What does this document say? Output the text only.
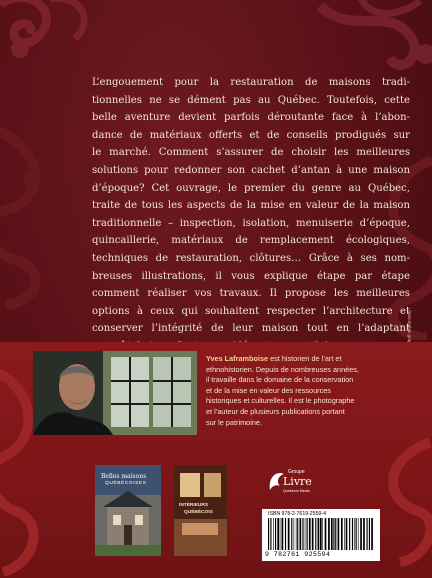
L’engouement pour la restauration de maisons tradi-
tionnelles ne se dément pas au Québec. Toutefois, cette
belle aventure devient parfois déroutante face à l’abon-
dance de matériaux offerts et de conseils prodigués sur
le marché. Comment s’assurer de choisir les meilleures
solutions pour redonner son cachet d’antan à une maison
d’époque? Cet ouvrage, le premier du genre au Québec,
traite de tous les aspects de la mise en valeur de la maison
traditionnelle – inspection, isolation, menuiserie d’époque,
quincaillerie, matériaux de remplacement écologiques,
techniques de restauration, clôtures… Grâce à ses nom-
breuses illustrations, il vous explique étape par étape
comment réaliser vos travaux. Il propose les meilleures
options à ceux qui souhaitent respecter l’architecture et
conserver l’intégrité de leur maison tout en l’adaptant
Yves Laframboise est historien de l’art et
ethnohistorien. Depuis de nombreuses années,
il travaille dans le domaine de la conservation
et de la mise en valeur des ressources
historiques et culturelles. Il est le photographe
et l’auteur de plusieurs publications portant
sur le patrimoine.
Belles maisons
QUÉBÉCOISES
INTÉRIEURS
QUÉBÉCOIS
Groupe
Livre
Quebecor Media
ISBN 978-2-7619-2559-4
9 782761 925594
